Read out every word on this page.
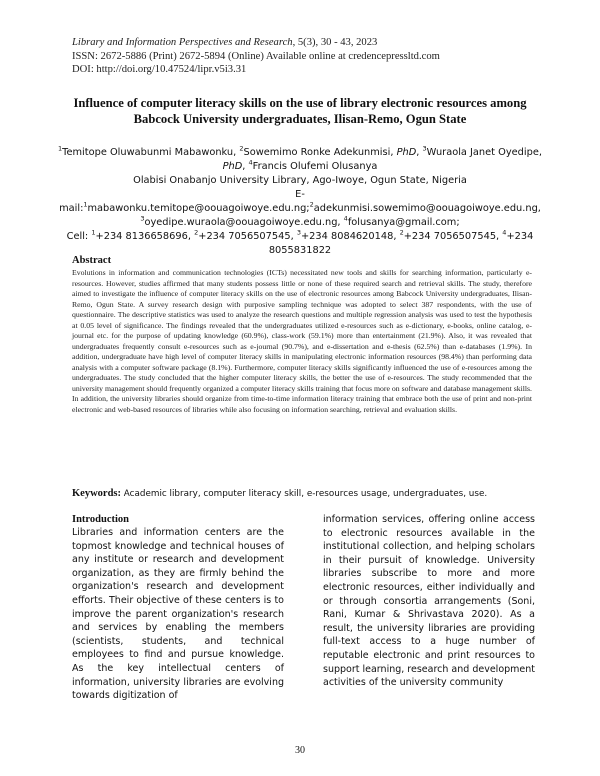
Library and Information Perspectives and Research, 5(3), 30 - 43, 2023
ISSN: 2672-5886 (Print) 2672-5894 (Online) Available online at credencepressltd.com
DOI: http://doi.org/10.47524/lipr.v5i3.31
Influence of computer literacy skills on the use of library electronic resources among Babcock University undergraduates, Ilisan-Remo, Ogun State
$^1$Temitope Oluwabunmi Mabawonku, $^2$Sowemimo Ronke Adekunmisi, PhD, $^3$Wuraola Janet Oyedipe, PhD, $^4$Francis Olufemi Olusanya
Olabisi Onabanjo University Library, Ago-Iwoye, Ogun State, Nigeria
E-mail:$^1$mabawonku.temitope@oouagoiwoye.edu.ng;$^2$adekunmisi.sowemimo@oouagoiwoye.edu.ng,
$^3$oyedipe.wuraola@oouagoiwoye.edu.ng, $^4$folusanya@gmail.com;
Cell: $^1$+234 8136658696, $^2$+234 7056507545, $^3$+234 8084620148, $^2$+234 7056507545, $^4$+234 8055831822
Abstract
Evolutions in information and communication technologies (ICTs) necessitated new tools and skills for searching information, particularly e-resources. However, studies affirmed that many students possess little or none of these required search and retrieval skills. The study, therefore aimed to investigate the influence of computer literacy skills on the use of electronic resources among Babcock University undergraduates, Ilisan-Remo, Ogun State. A survey research design with purposive sampling technique was adopted to select 387 respondents, with the use of questionnaire. The descriptive statistics was used to analyze the research questions and multiple regression analysis was used to test the hypothesis at 0.05 level of significance. The findings revealed that the undergraduates utilized e-resources such as e-dictionary, e-books, online catalog, e-journal etc. for the purpose of updating knowledge (60.9%), class-work (59.1%) more than entertainment (21.9%). Also, it was revealed that undergraduates frequently consult e-resources such as e-journal (90.7%), and e-dissertation and e-thesis (62.5%) than e-databases (1.9%). In addition, undergraduate have high level of computer literacy skills in manipulating electronic information resources (98.4%) than performing data analysis with a computer software package (8.1%). Furthermore, computer literacy skills significantly influenced the use of e-resources among the undergraduates. The study concluded that the higher computer literacy skills, the better the use of e-resources. The study recommended that the university management should frequently organized a computer literacy skills training that focus more on software and database management skills. In addition, the university libraries should organize from time-to-time information literacy training that embrace both the use of print and non-print electronic and web-based resources of libraries while also focusing on information searching, retrieval and evaluation skills.
Keywords: Academic library, computer literacy skill, e-resources usage, undergraduates, use.
Introduction
Libraries and information centers are the topmost knowledge and technical houses of any institute or research and development organization, as they are firmly behind the organization's research and development efforts. Their objective of these centers is to improve the parent organization's research and services by enabling the members (scientists, students, and technical employees to find and pursue knowledge. As the key intellectual centers of information, university libraries are evolving towards digitization of
information services, offering online access to electronic resources available in the institutional collection, and helping scholars in their pursuit of knowledge. University libraries subscribe to more and more electronic resources, either individually and or through consortia arrangements (Soni, Rani, Kumar & Shrivastava 2020). As a result, the university libraries are providing full-text access to a huge number of reputable electronic and print resources to support learning, research and development activities of the university community
30
